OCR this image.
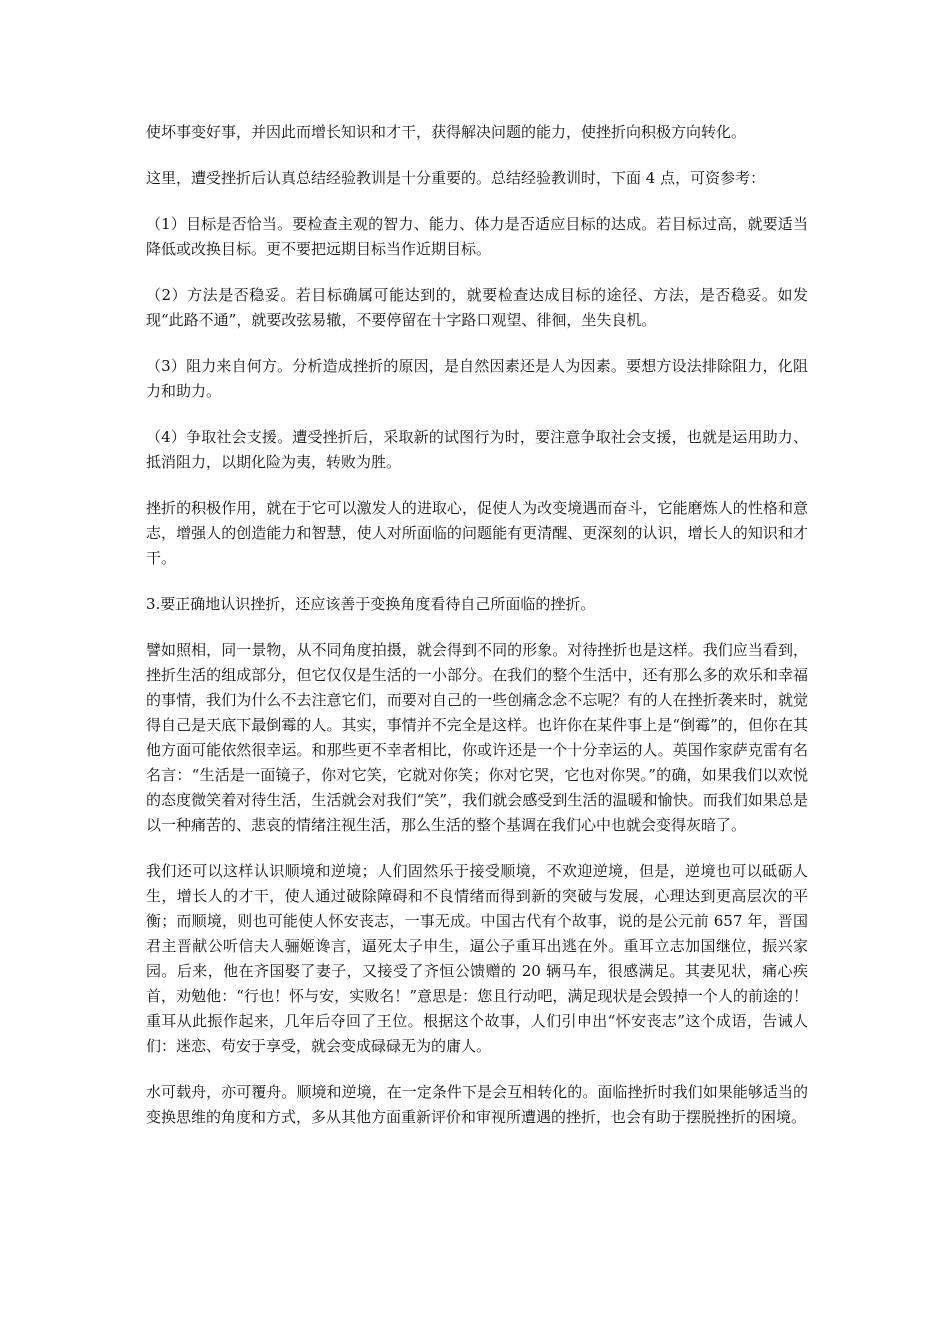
使坏事变好事，并因此而增长知识和才干，获得解决问题的能力，使挫折向积极方向转化。

这里，遭受挫折后认真总结经验教训是十分重要的。总结经验教训时，下面 4 点，可资参考：

（1）目标是否恰当。要检查主观的智力、能力、体力是否适应目标的达成。若目标过高，就要适当降低或改换目标。更不要把远期目标当作近期目标。

（2）方法是否稳妥。若目标确属可能达到的，就要检查达成目标的途径、方法，是否稳妥。如发现“此路不通”，就要改弦易辙，不要停留在十字路口观望、徘徊，坐失良机。

（3）阻力来自何方。分析造成挫折的原因，是自然因素还是人为因素。要想方设法排除阻力，化阻力和助力。

（4）争取社会支援。遭受挫折后，采取新的试图行为时，要注意争取社会支援，也就是运用助力、抵消阻力，以期化险为夷，转败为胜。

挫折的积极作用，就在于它可以激发人的进取心，促使人为改变境遇而奋斗，它能磨炼人的性格和意志，增强人的创造能力和智慧，使人对所面临的问题能有更清醒、更深刻的认识，增长人的知识和才干。

3.要正确地认识挫折，还应该善于变换角度看待自己所面临的挫折。

譬如照相，同一景物，从不同角度拍摄，就会得到不同的形象。对待挫折也是这样。我们应当看到，挫折生活的组成部分，但它仅仅是生活的一小部分。在我们的整个生活中，还有那么多的欢乐和幸福的事情，我们为什么不去注意它们，而要对自己的一些创痛念念不忘呢？有的人在挫折袭来时，就觉得自己是天底下最倒霉的人。其实，事情并不完全是这样。也许你在某件事上是“倒霉”的，但你在其他方面可能依然很幸运。和那些更不幸者相比，你或许还是一个十分幸运的人。英国作家萨克雷有名名言：“生活是一面镜子，你对它笑，它就对你笑；你对它哭，它也对你哭。”的确，如果我们以欢悦的态度微笑着对待生活，生活就会对我们“笑”，我们就会感受到生活的温暖和愉快。而我们如果总是以一种痛苦的、悲哀的情绪注视生活，那么生活的整个基调在我们心中也就会变得灰暗了。

我们还可以这样认识顺境和逆境；人们固然乐于接受顺境，不欢迎逆境，但是，逆境也可以砥砺人生，增长人的才干，使人通过破除障碍和不良情绪而得到新的突破与发展，心理达到更高层次的平衡；而顺境，则也可能使人怀安丧志，一事无成。中国古代有个故事，说的是公元前 657 年，晋国君主晋献公听信夫人骊姬谗言，逼死太子申生，逼公子重耳出逃在外。重耳立志加国继位，振兴家园。后来，他在齐国娶了妻子，又接受了齐恒公馈赠的 20 辆马车，很感满足。其妻见状，痛心疾首，劝勉他：“行也！怀与安，实败名！”意思是：您且行动吧，满足现状是会毁掉一个人的前途的！重耳从此振作起来，几年后夺回了王位。根据这个故事，人们引申出“怀安丧志”这个成语，告诫人们：迷恋、苟安于享受，就会变成碌碌无为的庸人。

水可载舟，亦可覆舟。顺境和逆境，在一定条件下是会互相转化的。面临挫折时我们如果能够适当的变换思维的角度和方式，多从其他方面重新评价和审视所遭遇的挫折，也会有助于摆脱挫折的困境。
